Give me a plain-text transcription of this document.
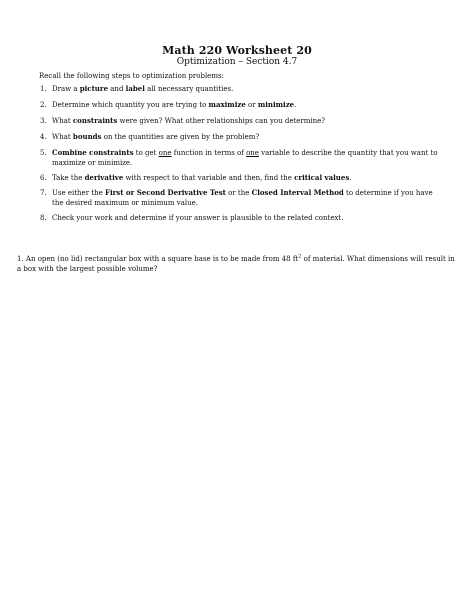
Math 220 Worksheet 20
Optimization – Section 4.7
Recall the following steps to optimization problems:
1. Draw a picture and label all necessary quantities.
2. Determine which quantity you are trying to maximize or minimize.
3. What constraints were given? What other relationships can you determine?
4. What bounds on the quantities are given by the problem?
5. Combine constraints to get one function in terms of one variable to describe the quantity that you want to maximize or minimize.
6. Take the derivative with respect to that variable and then, find the critical values.
7. Use either the First or Second Derivative Test or the Closed Interval Method to determine if you have the desired maximum or minimum value.
8. Check your work and determine if your answer is plausible to the related context.
1. An open (no lid) rectangular box with a square base is to be made from 48 $ft^2$ of material. What dimensions will result in a box with the largest possible volume?
